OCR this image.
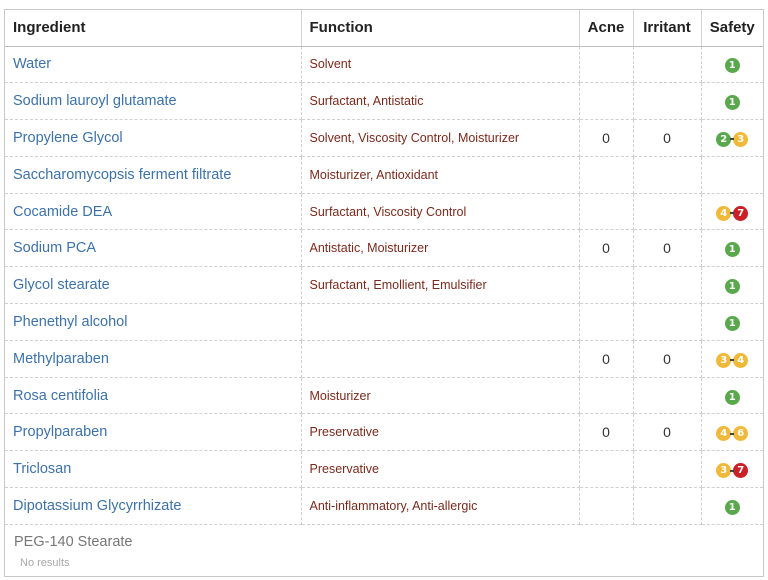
Ingredient	Function	Acne	Irritant	Safety
Water	Solvent			1

Sodium lauroyl glutamate	Surfactant, Antistatic			1

Propylene Glycol	Solvent, Viscosity Control, Moisturizer	0	0	2 3

Saccharomycopsis ferment filtrate	Moisturizer, Antioxidant			
Cocamide DEA	Surfactant, Viscosity Control			4 7

Sodium PCA	Antistatic, Moisturizer	0	0	1

Glycol stearate	Surfactant, Emollient, Emulsifier			1

Phenethyl alcohol				1

Methylparaben		0	0	3 4

Rosa centifolia	Moisturizer			1

Propylparaben	Preservative	0	0	4 6

Triclosan	Preservative			3 7

Dipotassium Glycyrrhizate	Anti-inflammatory, Anti-allergic			1
PEG-140 Stearate
No results
